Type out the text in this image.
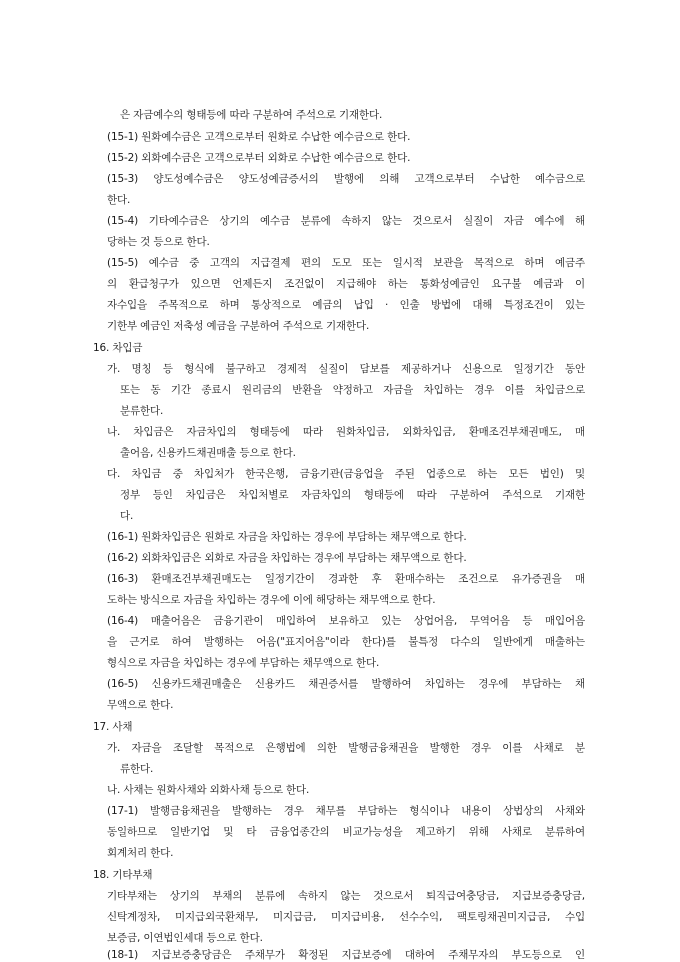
은 자금예수의 형태등에 따라 구분하여 주석으로 기재한다.
(15-1) 원화예수금은 고객으로부터 원화로 수납한 예수금으로 한다.
(15-2) 외화예수금은 고객으로부터 외화로 수납한 예수금으로 한다.
(15-3) 양도성예수금은 양도성예금증서의 발행에 의해 고객으로부터 수납한 예수금으로
한다.
(15-4) 기타예수금은 상기의 예수금 분류에 속하지 않는 것으로서 실질이 자금 예수에 해
당하는 것 등으로 한다.
(15-5) 예수금 중 고객의 지급결제 편의 도모 또는 일시적 보관을 목적으로 하며 예금주
의 환급청구가 있으면 언제든지 조건없이 지급해야 하는 통화성예금인 요구불 예금과 이
자수입을 주목적으로 하며 통상적으로 예금의 납입 · 인출 방법에 대해 특정조건이 있는
기한부 예금인 저축성 예금을 구분하여 주석으로 기재한다.
16. 차입금
가. 명칭 등 형식에 불구하고 경제적 실질이 담보를 제공하거나 신용으로 일정기간 동안
또는 동 기간 종료시 원리금의 반환을 약정하고 자금을 차입하는 경우 이를 차입금으로
분류한다.
나. 차입금은 자금차입의 형태등에 따라 원화차입금, 외화차입금, 환매조건부채권매도, 매
출어음, 신용카드채권매출 등으로 한다.
다. 차입금 중 차입처가 한국은행, 금융기관(금융업을 주된 업종으로 하는 모든 법인) 및
정부 등인 차입금은 차입처별로 자금차입의 형태등에 따라 구분하여 주석으로 기재한
다.
(16-1) 원화차입금은 원화로 자금을 차입하는 경우에 부담하는 채무액으로 한다.
(16-2) 외화차입금은 외화로 자금을 차입하는 경우에 부담하는 채무액으로 한다.
(16-3) 환매조건부채권매도는 일정기간이 경과한 후 환매수하는 조건으로 유가증권을 매
도하는 방식으로 자금을 차입하는 경우에 이에 해당하는 채무액으로 한다.
(16-4) 매출어음은 금융기관이 매입하여 보유하고 있는 상업어음, 무역어음 등 매입어음
을 근거로 하여 발행하는 어음("표지어음"이라 한다)를 불특정 다수의 일반에게 매출하는
형식으로 자금을 차입하는 경우에 부담하는 채무액으로 한다.
(16-5) 신용카드채권매출은 신용카드 채권증서를 발행하여 차입하는 경우에 부담하는 채
무액으로 한다.
17. 사채
가. 자금을 조달할 목적으로 은행법에 의한 발행금융채권을 발행한 경우 이를 사채로 분
류한다.
나. 사채는 원화사채와 외화사채 등으로 한다.
(17-1) 발행금융채권을 발행하는 경우 채무를 부담하는 형식이나 내용이 상법상의 사채와
동일하므로 일반기업 및 타 금융업종간의 비교가능성을 제고하기 위해 사채로 분류하여
회계처리 한다.
18. 기타부채
기타부채는 상기의 부채의 분류에 속하지 않는 것으로서 퇴직급여충당금, 지급보증충당금,
신탁계정차, 미지급외국환채무, 미지급금, 미지급비용, 선수수익, 팩토링채권미지급금, 수입
보증금, 이연법인세대 등으로 한다.
(18-1) 지급보증충당금은 주채무가 확정된 지급보증에 대하여 주채무자의 부도등으로 인
